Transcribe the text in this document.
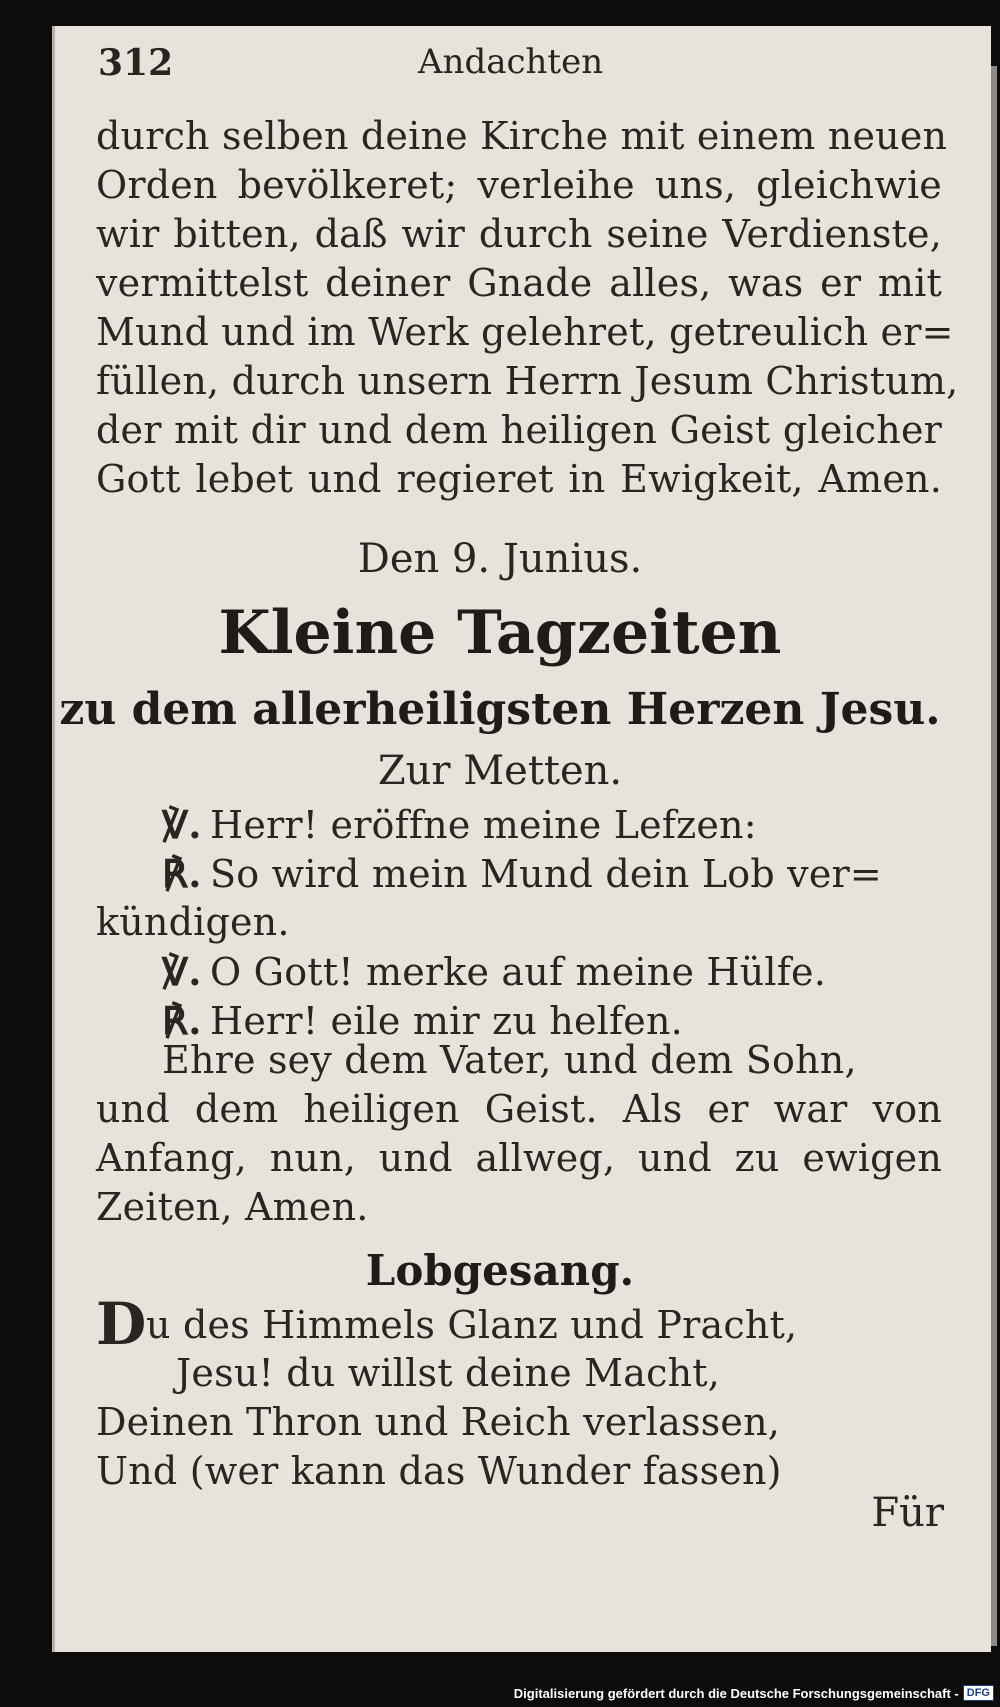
312	Andachten
durch selben deine Kirche mit einem neuen
Orden bevölkeret; verleihe uns, gleichwie
wir bitten, daß wir durch seine Verdienste,
vermittelst deiner Gnade alles, was er mit
Mund und im Werk gelehret, getreulich er=
füllen, durch unsern Herrn Jesum Christum,
der mit dir und dem heiligen Geist gleicher
Gott lebet und regieret in Ewigkeit, Amen.
Den 9. Junius.
Kleine Tagzeiten
zu dem allerheiligsten Herzen Jesu.
Zur Metten.
℣. Herr! eröffne meine Lefzen:
℟. So wird mein Mund dein Lob ver=
kündigen.
℣. O Gott! merke auf meine Hülfe.
℟. Herr! eile mir zu helfen.
Ehre sey dem Vater, und dem Sohn,
und dem heiligen Geist. Als er war von
Anfang, nun, und allweg, und zu ewigen
Zeiten, Amen.
Lobgesang.
Du des Himmels Glanz und Pracht,
Jesu! du willst deine Macht,
Deinen Thron und Reich verlassen,
Und (wer kann das Wunder fassen)
Für
Digitalisierung gefördert durch die Deutsche Forschungsgemeinschaft - DFG
